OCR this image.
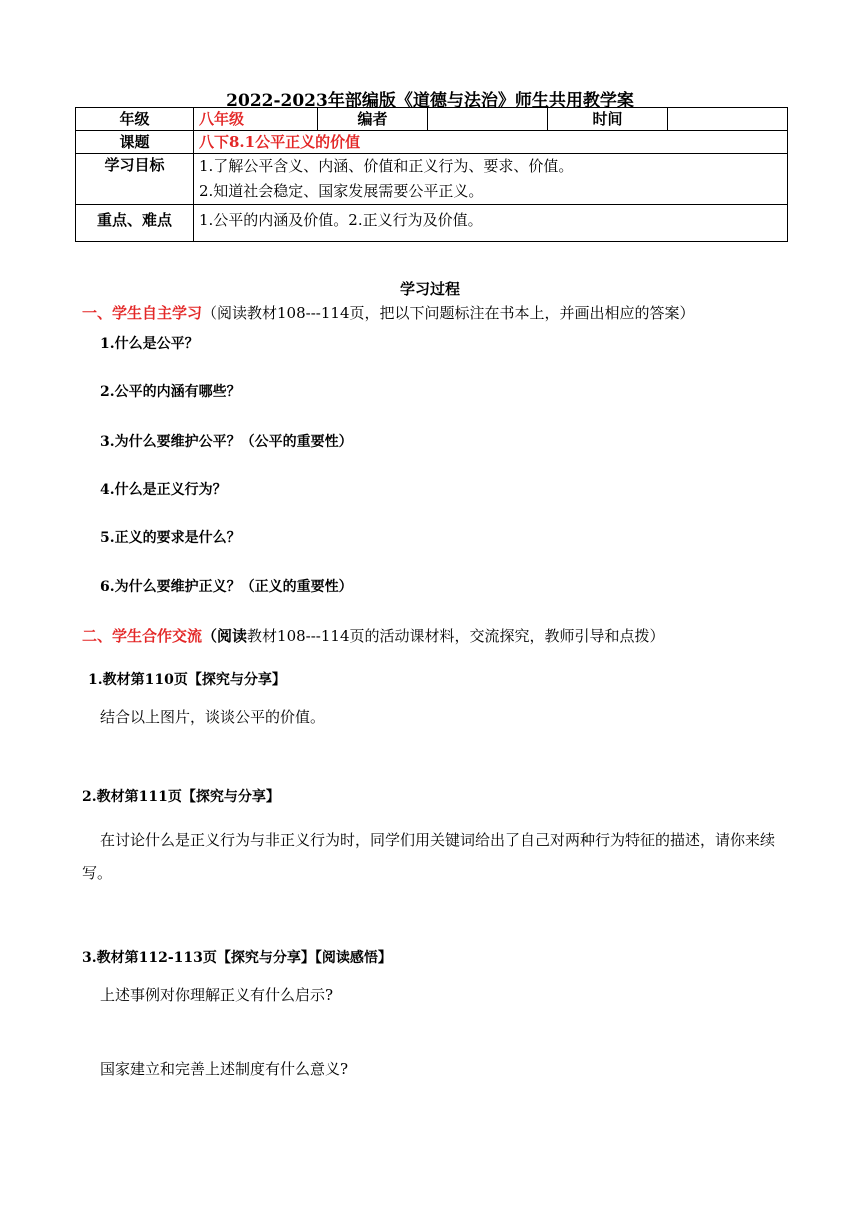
2022-2023年部编版《道德与法治》师生共用教学案
年级	八年级	编者		时间	
课题	八下8.1公平正义的价值				
学习目标	1.了解公平含义、内涵、价值和正义行为、要求、价值。
2.知道社会稳定、国家发展需要公平正义。				

重点、难点	1.公平的内涵及价值。2.正义行为及价值。				
学习过程
一、学生自主学习（阅读教材108---114页，把以下问题标注在书本上，并画出相应的答案）
1.什么是公平？
2.公平的内涵有哪些？
3.为什么要维护公平？（公平的重要性）
4.什么是正义行为？
5.正义的要求是什么？
6.为什么要维护正义？（正义的重要性）
二、学生合作交流（阅读教材108---114页的活动课材料，交流探究，教师引导和点拨）
1.教材第110页【探究与分享】
结合以上图片，谈谈公平的价值。
2.教材第111页【探究与分享】
在讨论什么是正义行为与非正义行为时，同学们用关键词给出了自己对两种行为特征的描述，请你来续写。
3.教材第112-113页【探究与分享】【阅读感悟】
上述事例对你理解正义有什么启示?
国家建立和完善上述制度有什么意义?
